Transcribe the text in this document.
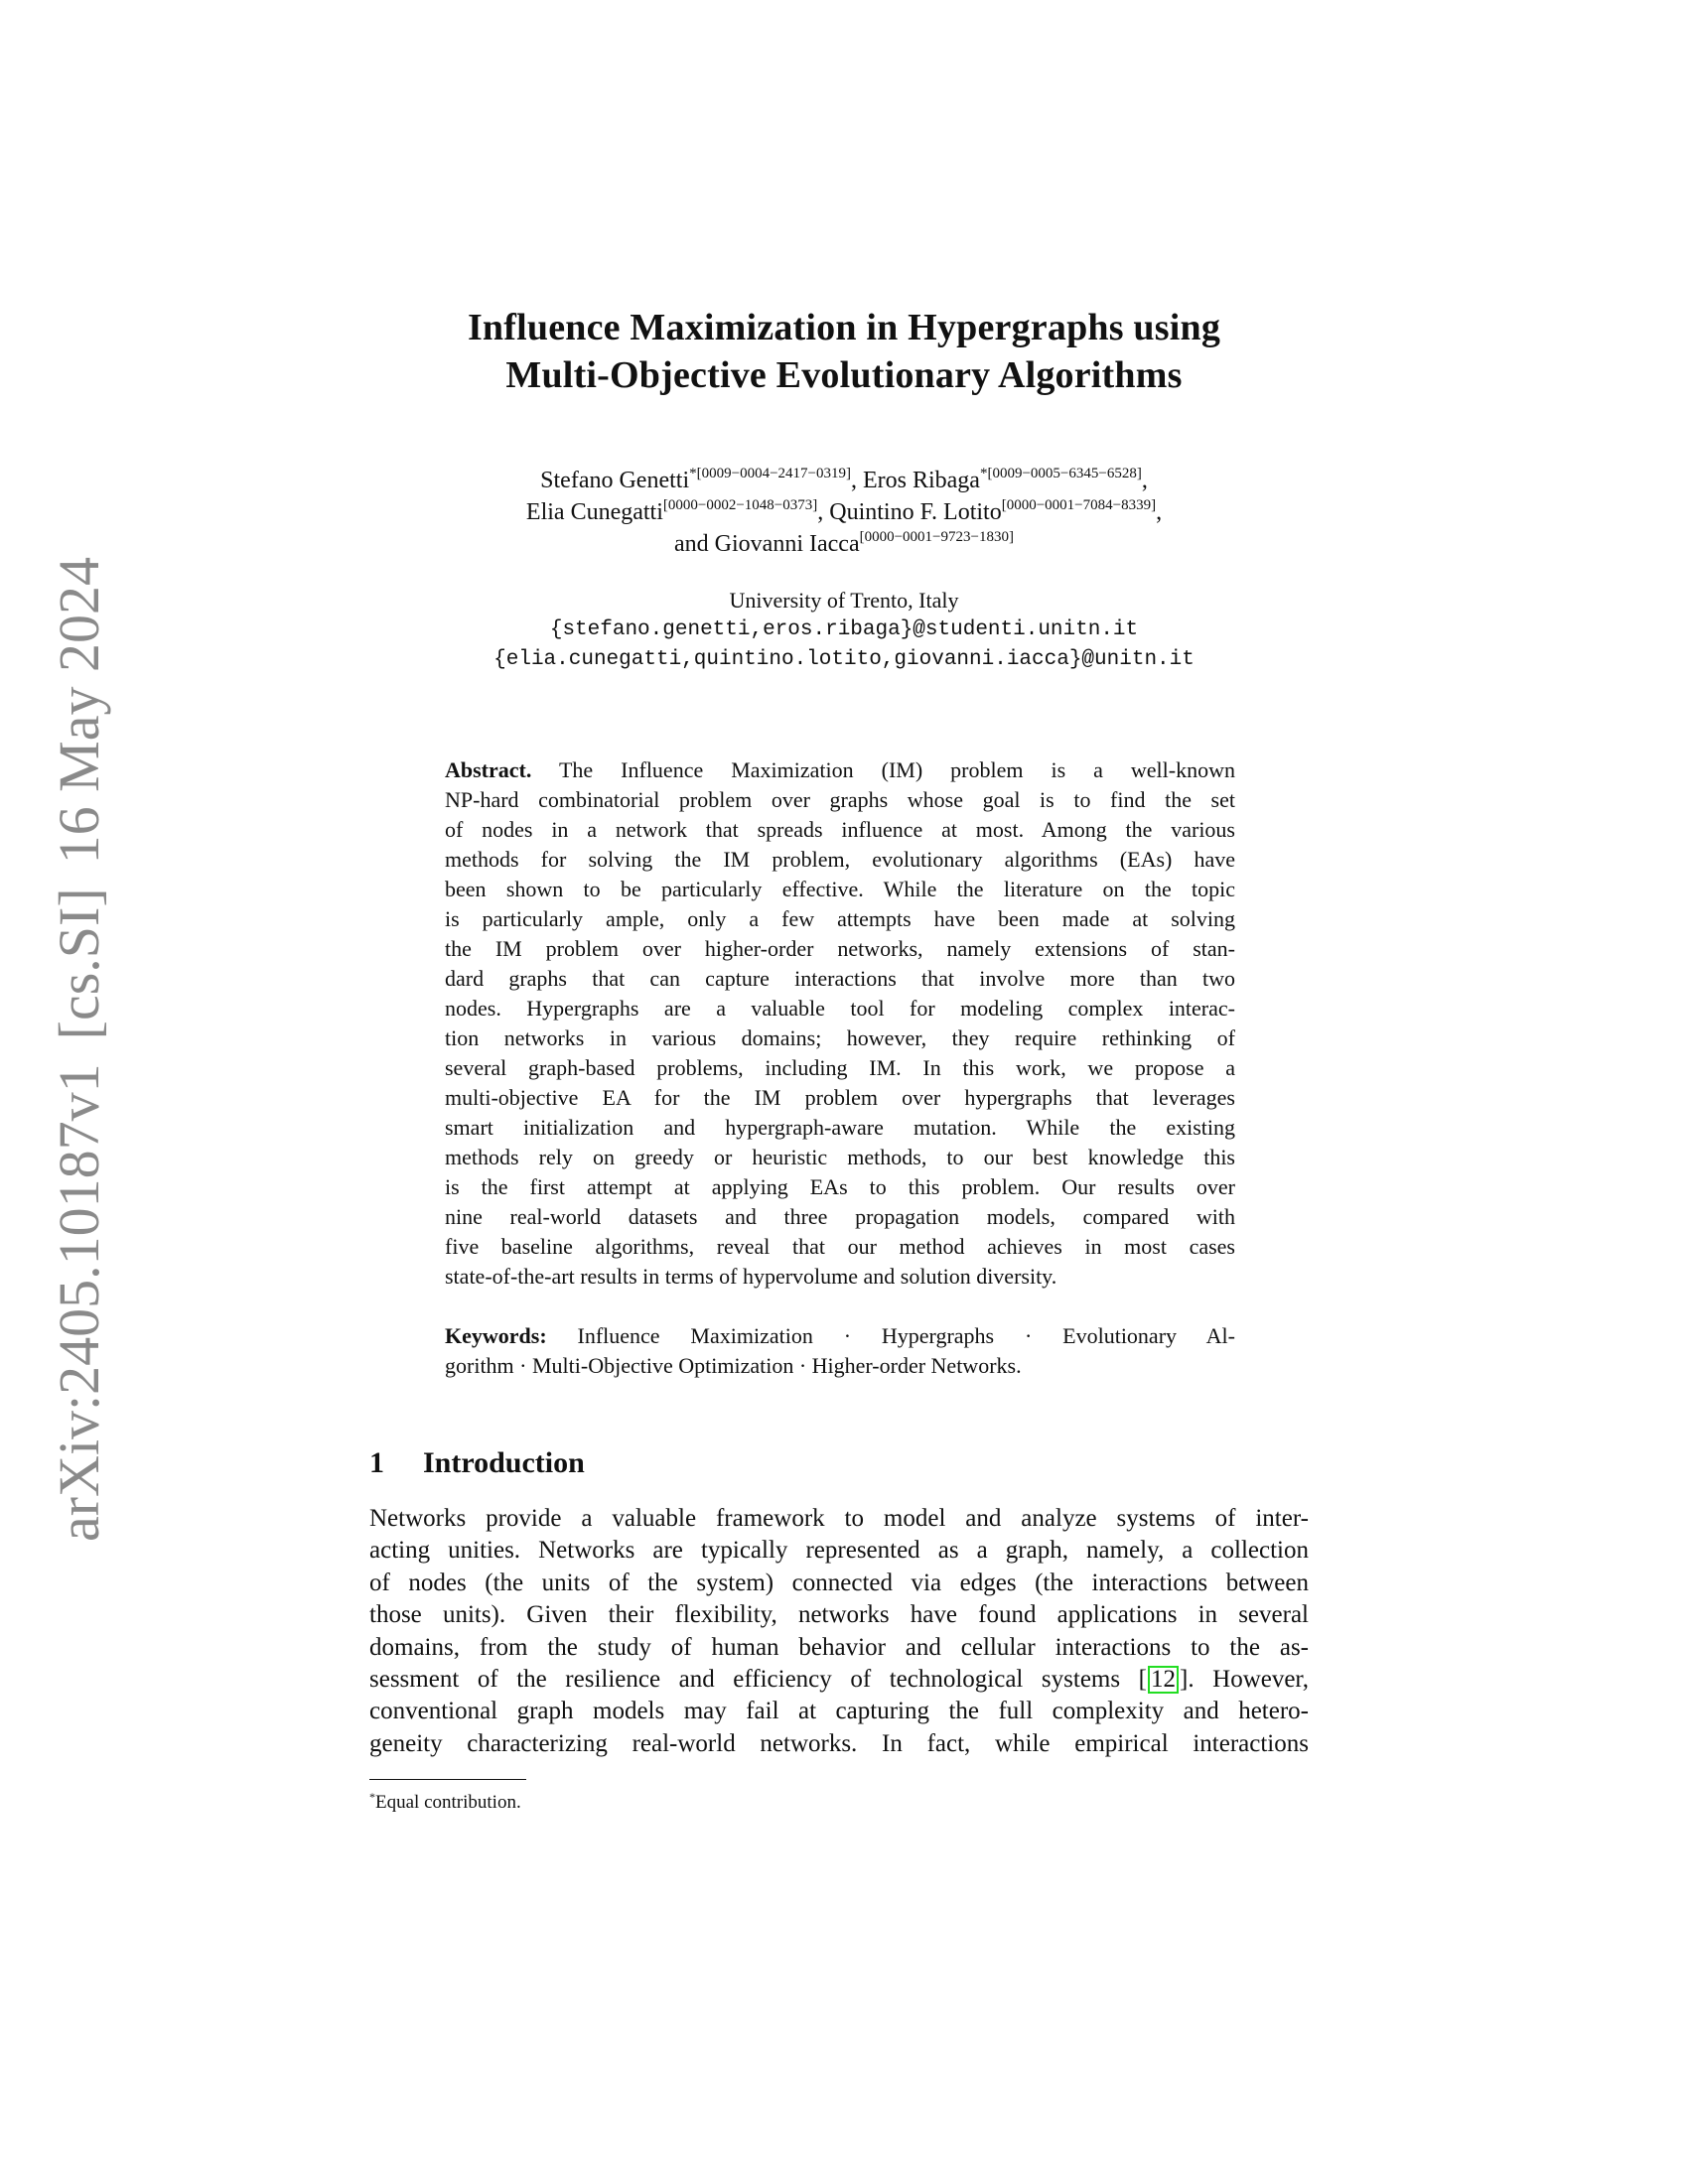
arXiv:2405.10187v1[cs.SI]16 May 2024
Influence Maximization in Hypergraphs using
Multi-Objective Evolutionary Algorithms
Stefano Genetti$^{*[0009-0004-2417-0319]}$, Eros Ribaga$^{*[0009-0005-6345-6528]}$,
Elia Cunegatti[0000−0002−1048−0373], Quintino F. Lotito[0000−0001−7084−8339],
and Giovanni Iacca[0000−0001−9723−1830]
University of Trento, Italy
{stefano.genetti,eros.ribaga}@studenti.unitn.it
{elia.cunegatti,quintino.lotito,giovanni.iacca}@unitn.it
Abstract. The Influence Maximization (IM) problem is a well-known
NP-hard combinatorial problem over graphs whose goal is to find the set
of nodes in a network that spreads influence at most. Among the various
methods for solving the IM problem, evolutionary algorithms (EAs) have
been shown to be particularly effective. While the literature on the topic
is particularly ample, only a few attempts have been made at solving
the IM problem over higher-order networks, namely extensions of stan-
dard graphs that can capture interactions that involve more than two
nodes. Hypergraphs are a valuable tool for modeling complex interac-
tion networks in various domains; however, they require rethinking of
several graph-based problems, including IM. In this work, we propose a
multi-objective EA for the IM problem over hypergraphs that leverages
smart initialization and hypergraph-aware mutation. While the existing
methods rely on greedy or heuristic methods, to our best knowledge this
is the first attempt at applying EAs to this problem. Our results over
nine real-world datasets and three propagation models, compared with
five baseline algorithms, reveal that our method achieves in most cases
state-of-the-art results in terms of hypervolume and solution diversity.
Keywords: Influence Maximization · Hypergraphs · Evolutionary Al-
gorithm · Multi-Objective Optimization · Higher-order Networks.
1 Introduction
Networks provide a valuable framework to model and analyze systems of inter-
acting unities. Networks are typically represented as a graph, namely, a collection
of nodes (the units of the system) connected via edges (the interactions between
those units). Given their flexibility, networks have found applications in several
domains, from the study of human behavior and cellular interactions to the as-
sessment of the resilience and efficiency of technological systems [ 12 ]. However,
conventional graph models may fail at capturing the full complexity and hetero-
geneity characterizing real-world networks. In fact, while empirical interactions
*Equal contribution.
